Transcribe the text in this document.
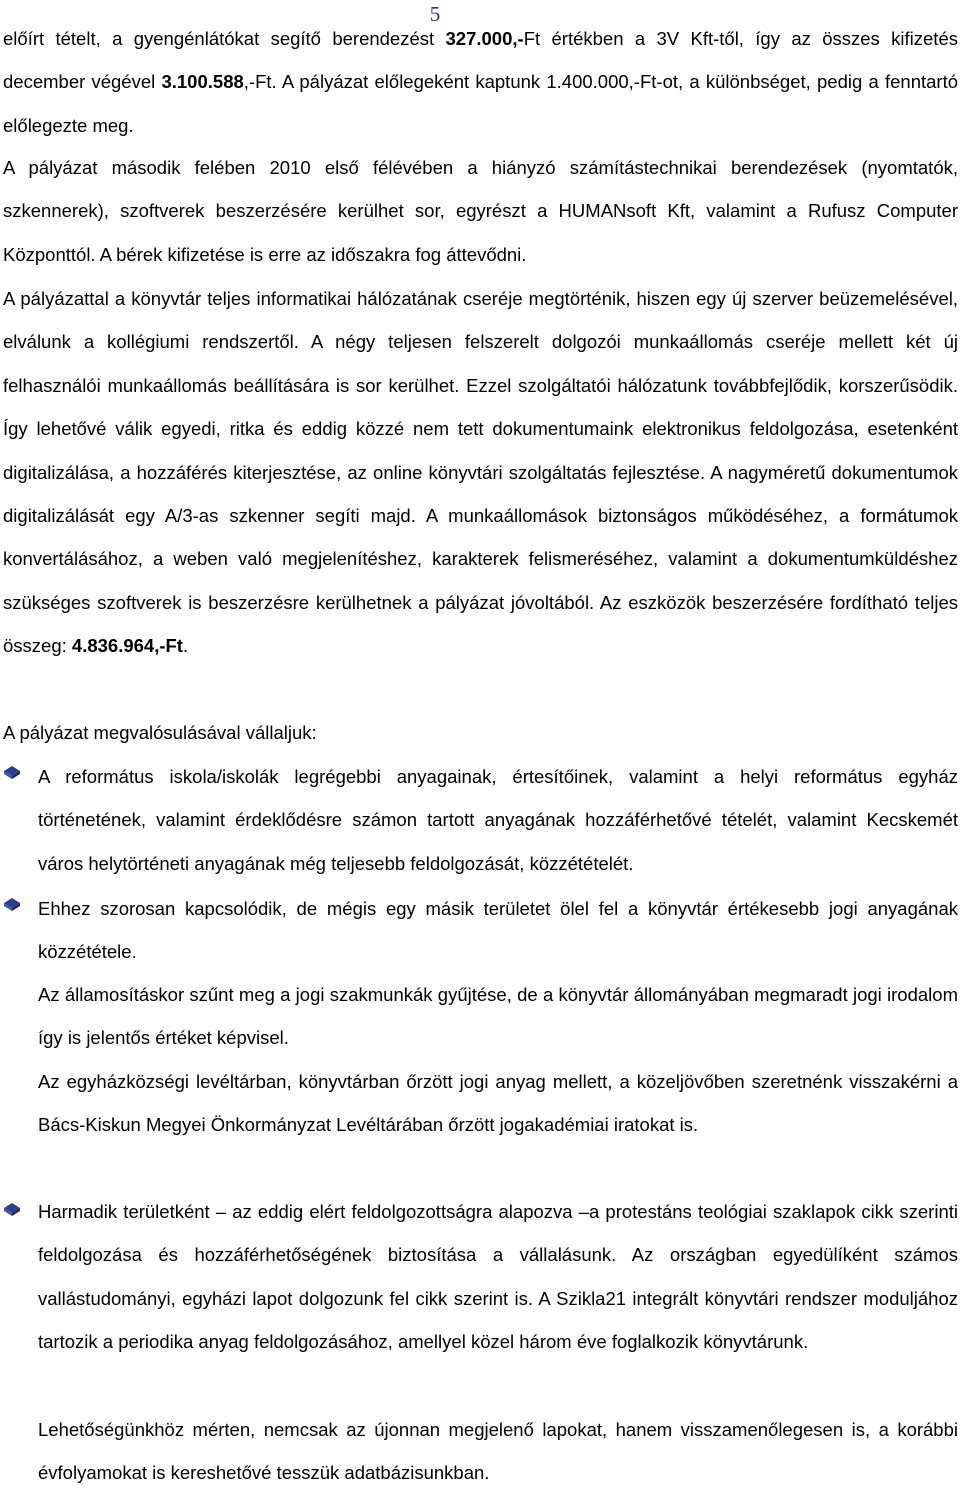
5

előírt tételt, a gyengénlátókat segítő berendezést 327.000,-Ft értékben a 3V Kft-től, így az összes kifizetés december végével 3.100.588,-Ft. A pályázat előlegeként kaptunk 1.400.000,-Ft-ot, a különbséget, pedig a fenntartó előlegezte meg.

A pályázat második felében 2010 első félévében a hiányzó számítástechnikai berendezések (nyomtatók, szkennerek), szoftverek beszerzésére kerülhet sor, egyrészt a HUMANsoft Kft, valamint a Rufusz Computer Központtól. A bérek kifizetése is erre az időszakra fog áttevődni.

A pályázattal a könyvtár teljes informatikai hálózatának cseréje megtörténik, hiszen egy új szerver beüzemelésével, elválunk a kollégiumi rendszertől. A négy teljesen felszerelt dolgozói munkaállomás cseréje mellett két új felhasználói munkaállomás beállítására is sor kerülhet. Ezzel szolgáltatói hálózatunk továbbfejlődik, korszerűsödik. Így lehetővé válik egyedi, ritka és eddig közzé nem tett dokumentumaink elektronikus feldolgozása, esetenként digitalizálása, a hozzáférés kiterjesztése, az online könyvtári szolgáltatás fejlesztése. A nagyméretű dokumentumok digitalizálását egy A/3-as szkenner segíti majd. A munkaállomások biztonságos működéséhez, a formátumok konvertálásához, a weben való megjelenítéshez, karakterek felismeréséhez, valamint a dokumentumküldéshez szükséges szoftverek is beszerzésre kerülhetnek a pályázat jóvoltából. Az eszközök beszerzésére fordítható teljes összeg: 4.836.964,-Ft.

A pályázat megvalósulásával vállaljuk:

A református iskola/iskolák legrégebbi anyagainak, értesítőinek, valamint a helyi református egyház történetének, valamint érdeklődésre számon tartott anyagának hozzáférhetővé tételét, valamint Kecskemét város helytörténeti anyagának még teljesebb feldolgozását, közzétételét.

Ehhez szorosan kapcsolódik, de mégis egy másik területet ölel fel a könyvtár értékesebb jogi anyagának közzététele.

Az államosításkor szűnt meg a jogi szakmunkák gyűjtése, de a könyvtár állományában megmaradt jogi irodalom így is jelentős értéket képvisel.

Az egyházközségi levéltárban, könyvtárban őrzött jogi anyag mellett, a közeljövőben szeretnénk visszakérni a Bács-Kiskun Megyei Önkormányzat Levéltárában őrzött jogakadémiai iratokat is.

Harmadik területként – az eddig elért feldolgozottságra alapozva –a protestáns teológiai szaklapok cikk szerinti feldolgozása és hozzáférhetőségének biztosítása a vállalásunk. Az országban egyedülíként számos vallástudományi, egyházi lapot dolgozunk fel cikk szerint is. A Szikla21 integrált könyvtári rendszer moduljához tartozik a periodika anyag feldolgozásához, amellyel közel három éve foglalkozik könyvtárunk.

Lehetőségünkhöz mérten, nemcsak az újonnan megjelenő lapokat, hanem visszamenőlegesen is, a korábbi évfolyamokat is kereshetővé tesszük adatbázisunkban.
